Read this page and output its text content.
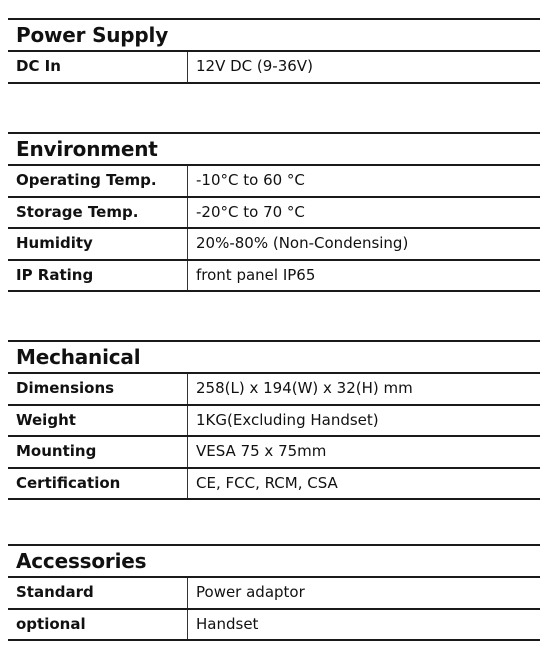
Power Supply
DC In	12V DC (9-36V)
Environment
Operating Temp.	-10°C to 60 °C
Storage Temp.	-20°C to 70 °C
Humidity	20%-80% (Non-Condensing)
IP Rating	front panel IP65
Mechanical
Dimensions	258(L) x 194(W) x 32(H) mm
Weight	1KG(Excluding Handset)
Mounting	VESA 75 x 75mm
Certification	CE, FCC, RCM, CSA
Accessories
Standard	Power adaptor
optional	Handset
